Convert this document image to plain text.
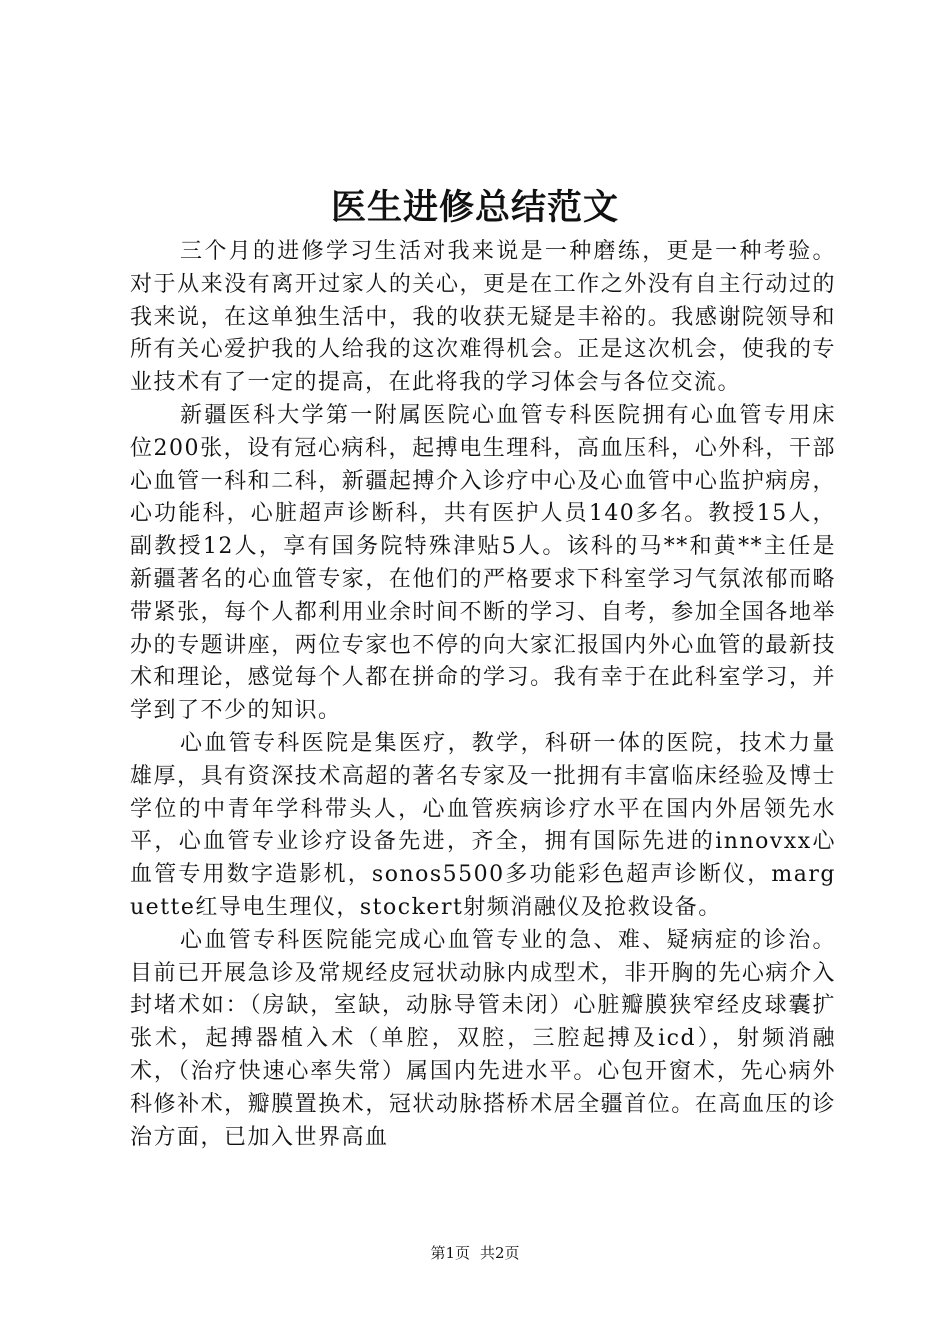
医生进修总结范文

三个月的进修学习生活对我来说是一种磨练，更是一种考验。对于从来没有离开过家人的关心，更是在工作之外没有自主行动过的我来说，在这单独生活中，我的收获无疑是丰裕的。我感谢院领导和所有关心爱护我的人给我的这次难得机会。正是这次机会，使我的专业技术有了一定的提高，在此将我的学习体会与各位交流。

新疆医科大学第一附属医院心血管专科医院拥有心血管专用床位200张，设有冠心病科，起搏电生理科，高血压科，心外科，干部心血管一科和二科，新疆起搏介入诊疗中心及心血管中心监护病房，心功能科，心脏超声诊断科，共有医护人员140多名。教授15人，副教授12人，享有国务院特殊津贴5人。该科的马**和黄**主任是新疆著名的心血管专家，在他们的严格要求下科室学习气氛浓郁而略带紧张，每个人都利用业余时间不断的学习、自考，参加全国各地举办的专题讲座，两位专家也不停的向大家汇报国内外心血管的最新技术和理论，感觉每个人都在拼命的学习。我有幸于在此科室学习，并学到了不少的知识。

心血管专科医院是集医疗，教学，科研一体的医院，技术力量雄厚，具有资深技术高超的著名专家及一批拥有丰富临床经验及博士学位的中青年学科带头人，心血管疾病诊疗水平在国内外居领先水平，心血管专业诊疗设备先进，齐全，拥有国际先进的innovxx心血管专用数字造影机，sonos5500多功能彩色超声诊断仪，marguette红导电生理仪，stockert射频消融仪及抢救设备。

心血管专科医院能完成心血管专业的急、难、疑病症的诊治。目前已开展急诊及常规经皮冠状动脉内成型术，非开胸的先心病介入封堵术如：（房缺，室缺，动脉导管未闭）心脏瓣膜狭窄经皮球囊扩张术，起搏器植入术（单腔，双腔，三腔起搏及icd），射频消融术，（治疗快速心率失常）属国内先进水平。心包开窗术，先心病外科修补术，瓣膜置换术，冠状动脉搭桥术居全疆首位。在高血压的诊治方面，已加入世界高血

第1页 共2页
